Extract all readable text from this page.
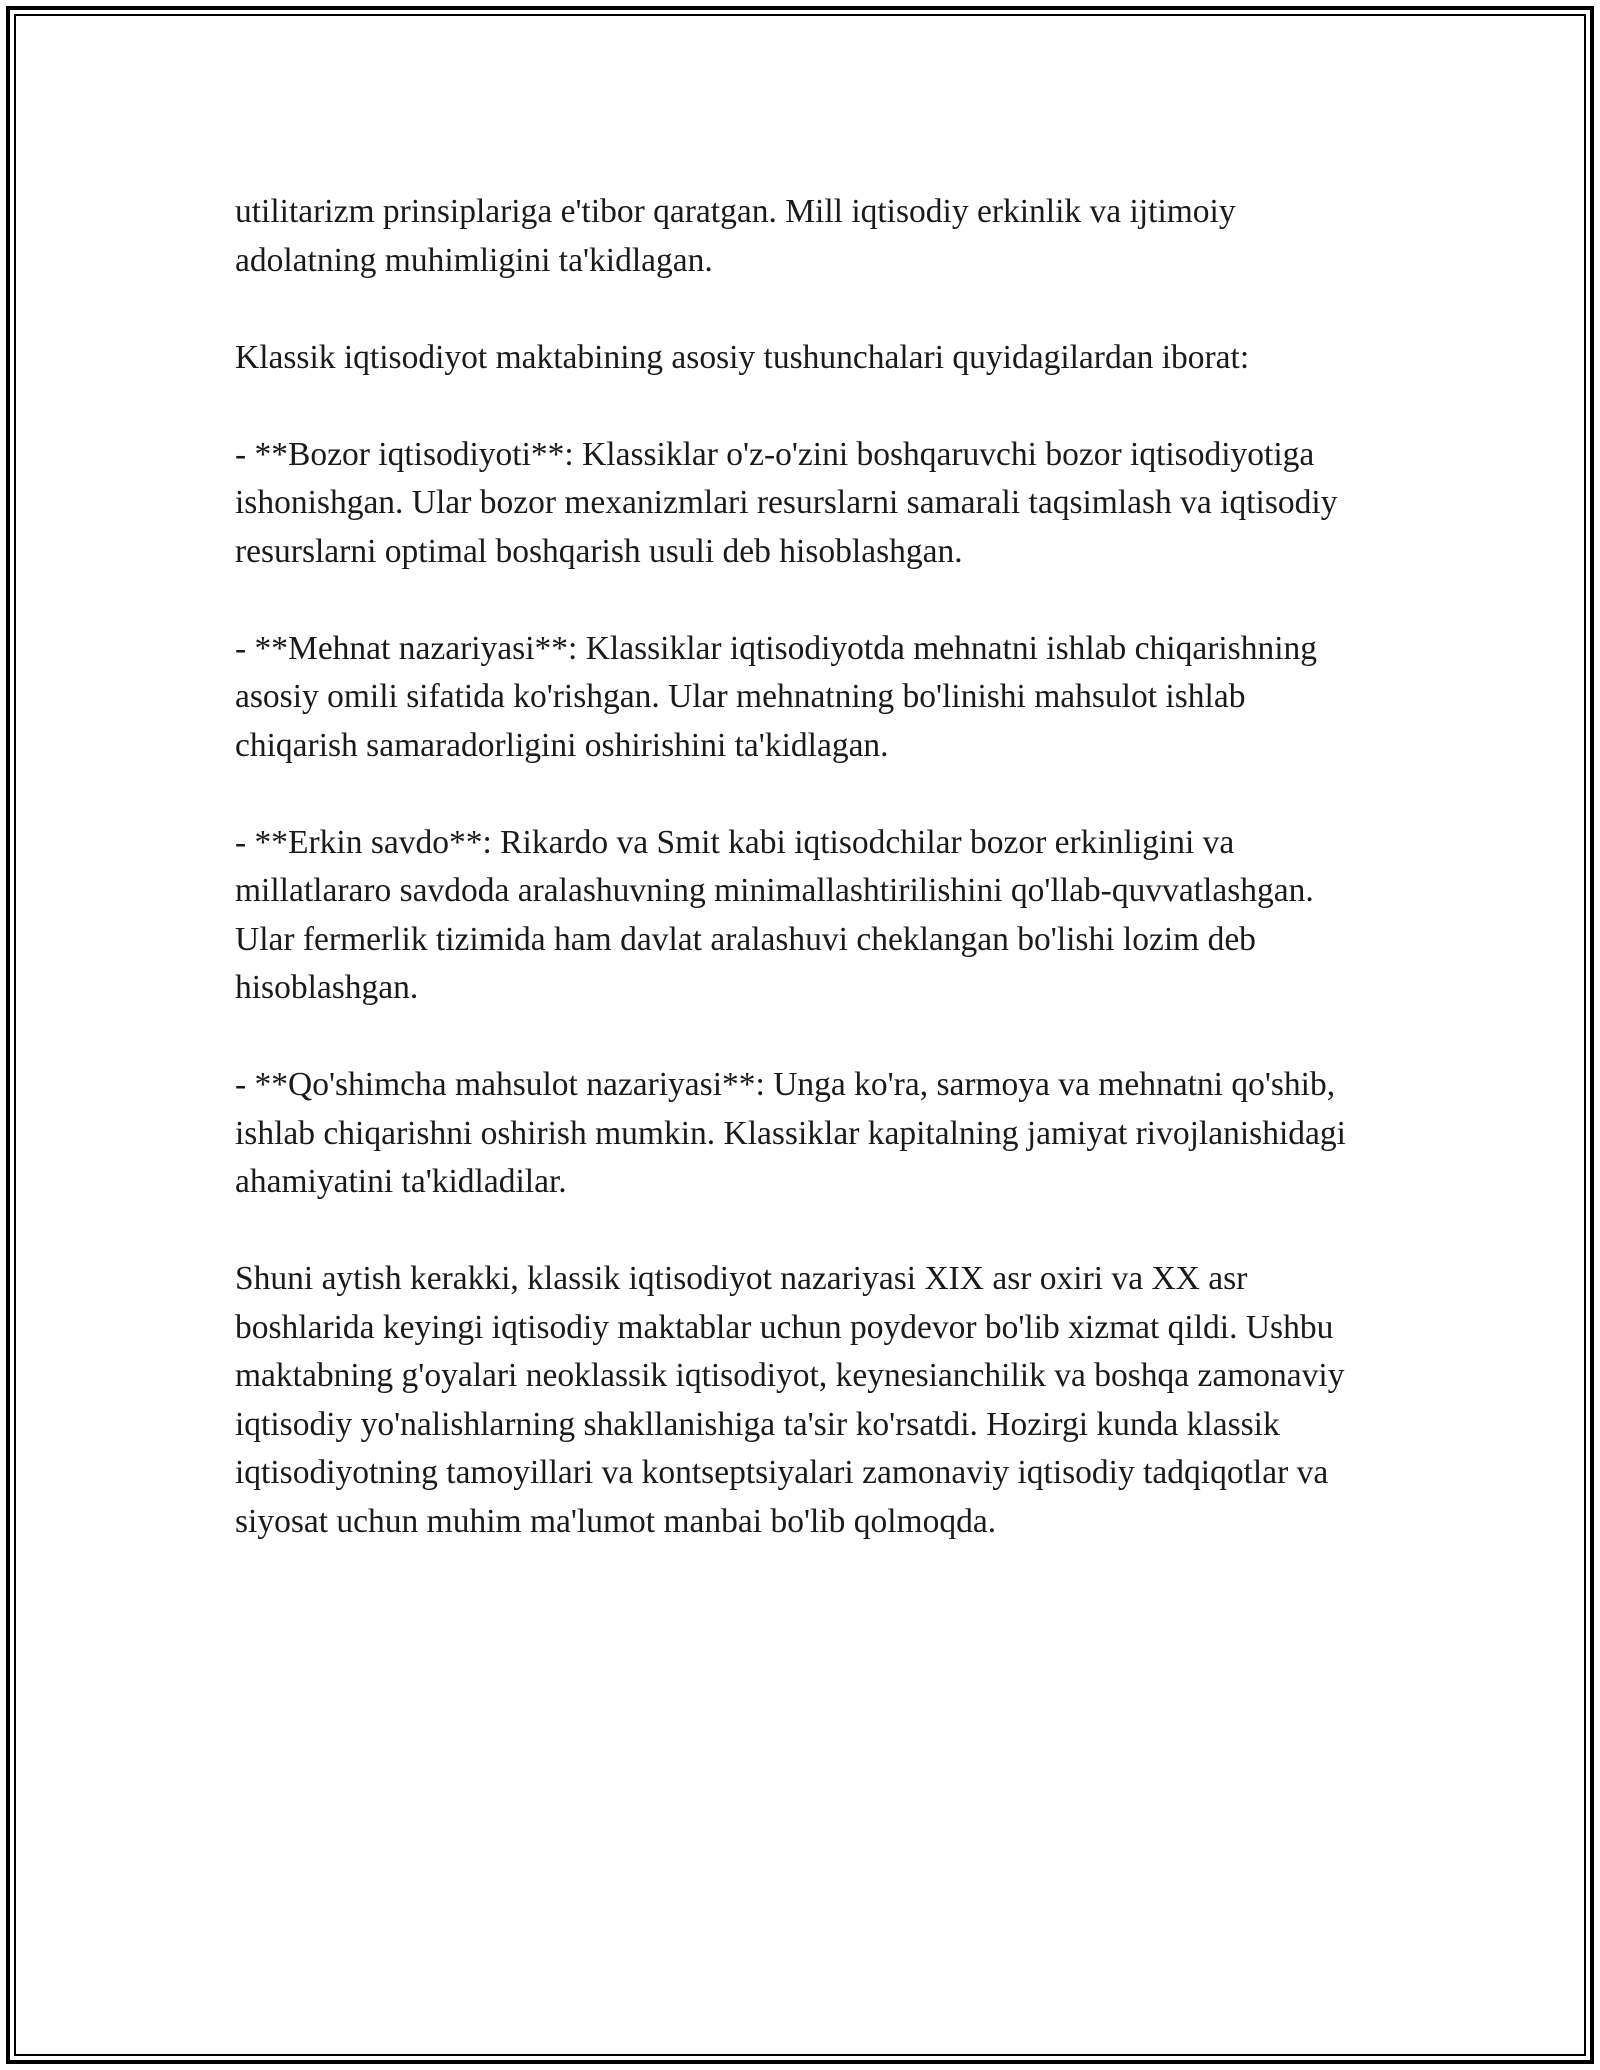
utilitarizm prinsiplariga e'tibor qaratgan. Mill iqtisodiy erkinlik va ijtimoiy adolatning muhimligini ta'kidlagan.

Klassik iqtisodiyot maktabining asosiy tushunchalari quyidagilardan iborat:

- **Bozor iqtisodiyoti**: Klassiklar o'z-o'zini boshqaruvchi bozor iqtisodiyotiga ishonishgan. Ular bozor mexanizmlari resurslarni samarali taqsimlash va iqtisodiy resurslarni optimal boshqarish usuli deb hisoblashgan.

- **Mehnat nazariyasi**: Klassiklar iqtisodiyotda mehnatni ishlab chiqarishning asosiy omili sifatida ko'rishgan. Ular mehnatning bo'linishi mahsulot ishlab chiqarish samaradorligini oshirishini ta'kidlagan.

- **Erkin savdo**: Rikardo va Smit kabi iqtisodchilar bozor erkinligini va millatlararo savdoda aralashuvning minimallashtirilishini qo'llab-quvvatlashgan. Ular fermerlik tizimida ham davlat aralashuvi cheklangan bo'lishi lozim deb hisoblashgan.

- **Qo'shimcha mahsulot nazariyasi**: Unga ko'ra, sarmoya va mehnatni qo'shib, ishlab chiqarishni oshirish mumkin. Klassiklar kapitalning jamiyat rivojlanishidagi ahamiyatini ta'kidladilar.

Shuni aytish kerakki, klassik iqtisodiyot nazariyasi XIX asr oxiri va XX asr boshlarida keyingi iqtisodiy maktablar uchun poydevor bo'lib xizmat qildi. Ushbu maktabning g'oyalari neoklassik iqtisodiyot, keynesianchilik va boshqa zamonaviy iqtisodiy yo'nalishlarning shakllanishiga ta'sir ko'rsatdi. Hozirgi kunda klassik iqtisodiyotning tamoyillari va kontseptsiyalari zamonaviy iqtisodiy tadqiqotlar va siyosat uchun muhim ma'lumot manbai bo'lib qolmoqda.
